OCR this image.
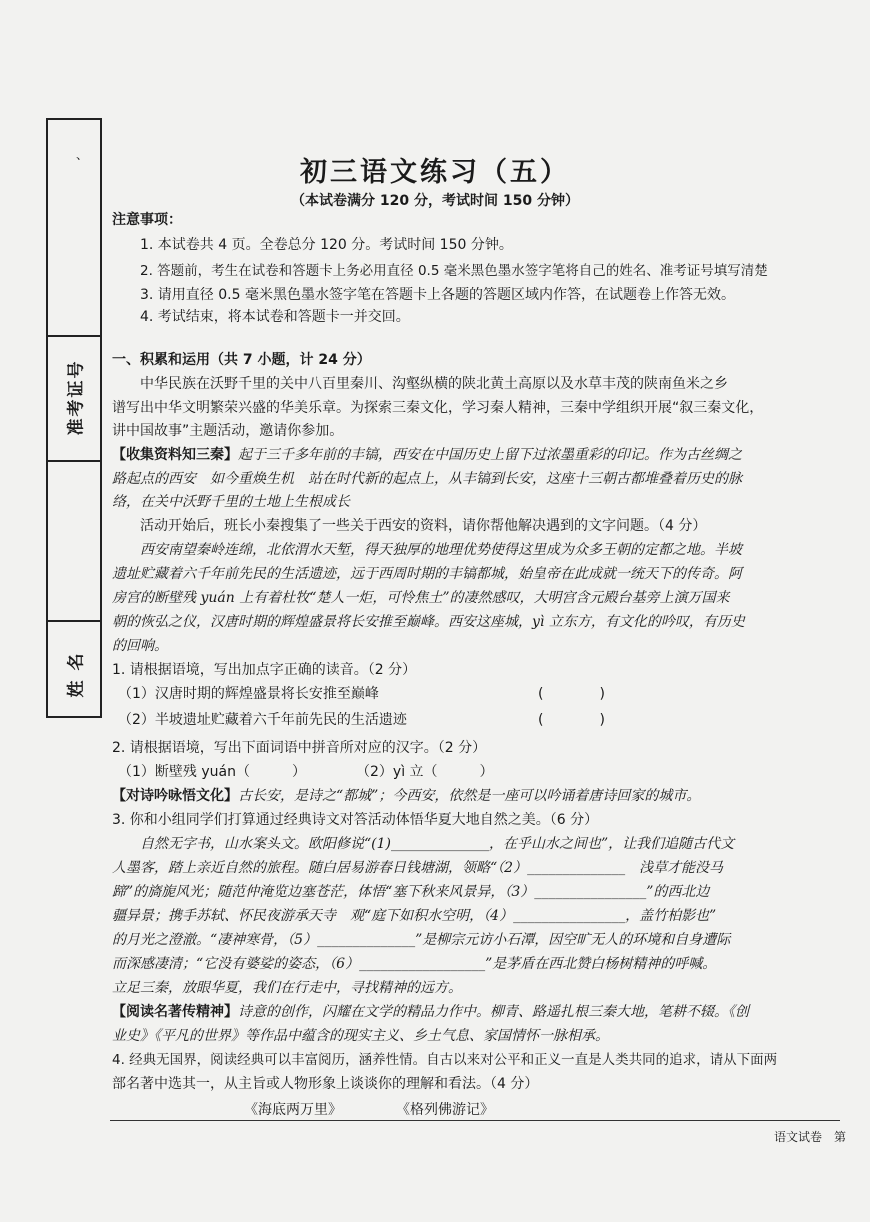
准考证号
姓 名
、
初三语文练习（五）
（本试卷满分 120 分，考试时间 150 分钟）
注意事项：
1. 本试卷共 4 页。全卷总分 120 分。考试时间 150 分钟。
2. 答题前，考生在试卷和答题卡上务必用直径 0.5 毫米黑色墨水签字笔将自己的姓名、准考证号填写清楚
3. 请用直径 0.5 毫米黑色墨水签字笔在答题卡上各题的答题区域内作答，在试题卷上作答无效。
4. 考试结束，将本试卷和答题卡一并交回。
一、积累和运用（共 7 小题，计 24 分）
中华民族在沃野千里的关中八百里秦川、沟壑纵横的陕北黄土高原以及水草丰茂的陕南鱼米之乡
谱写出中华文明繁荣兴盛的华美乐章。为探索三秦文化，学习秦人精神，三秦中学组织开展“叙三秦文化，
讲中国故事”主题活动，邀请你参加。
【收集资料知三秦】起于三千多年前的丰镐，西安在中国历史上留下过浓墨重彩的印记。作为古丝绸之
路起点的西安　如今重焕生机　站在时代新的起点上，从丰镐到长安，这座十三朝古都堆叠着历史的脉
络，在关中沃野千里的土地上生根成长
活动开始后，班长小秦搜集了一些关于西安的资料，请你帮他解决遇到的文字问题。（4 分）
西安南望秦岭连绵，北依渭水天堑，得天独厚的地理优势使得这里成为众多王朝的定都之地。半坡
遗址贮藏着六千年前先民的生活遗迹，远于西周时期的丰镐都城，始皇帝在此成就一统天下的传奇。阿
房宫的断壁残 yuán 上有着杜牧“楚人一炬，可怜焦土”的凄然感叹，大明宫含元殿台基旁上演万国来
朝的恢弘之仪，汉唐时期的辉煌盛景将长安推至巅峰。西安这座城，yì 立东方，有文化的吟叹，有历史
的回响。
1. 请根据语境，写出加点字正确的读音。（2 分）
（1）汉唐时期的辉煌盛景将长安推至巅峰	(　　　　)
（2）半坡遗址贮藏着六千年前先民的生活遗迹	(　　　　)
2. 请根据语境，写出下面词语中拼音所对应的汉字。（2 分）
（1）断壁残 yuán（　　　）	（2）yì 立（　　　）
【对诗吟咏悟文化】古长安，是诗之“都城”；今西安，依然是一座可以吟诵着唐诗回家的城市。
3. 你和小组同学们打算通过经典诗文对答活动体悟华夏大地自然之美。（6 分）
自然无字书，山水案头文。欧阳修说“(1)______________，在乎山水之间也”，让我们追随古代文
人墨客，踏上亲近自然的旅程。随白居易游春日钱塘湖，领略“（2）______________　浅草才能没马
蹄”的旖旎风光；随范仲淹览边塞苍茫，体悟“塞下秋来风景异，（3）________________”的西北边
疆异景；携手苏轼、怀民夜游承天寺　观“庭下如积水空明，（4）________________，盖竹柏影也”
的月光之澄澈。“凄神寒骨，（5）______________”是柳宗元访小石潭，因空旷无人的环境和自身遭际
而深感凄清；“它没有婆娑的姿态，（6）__________________”是茅盾在西北赞白杨树精神的呼喊。
立足三秦，放眼华夏，我们在行走中，寻找精神的远方。
【阅读名著传精神】诗意的创作，闪耀在文学的精品力作中。柳青、路遥扎根三秦大地，笔耕不辍。《创
业史》《平凡的世界》等作品中蕴含的现实主义、乡土气息、家国情怀一脉相承。
4. 经典无国界，阅读经典可以丰富阅历，涵养性情。自古以来对公平和正义一直是人类共同的追求，请从下面两
部名著中选其一，从主旨或人物形象上谈谈你的理解和看法。（4 分）
《海底两万里》	《格列佛游记》
语文试卷　第
